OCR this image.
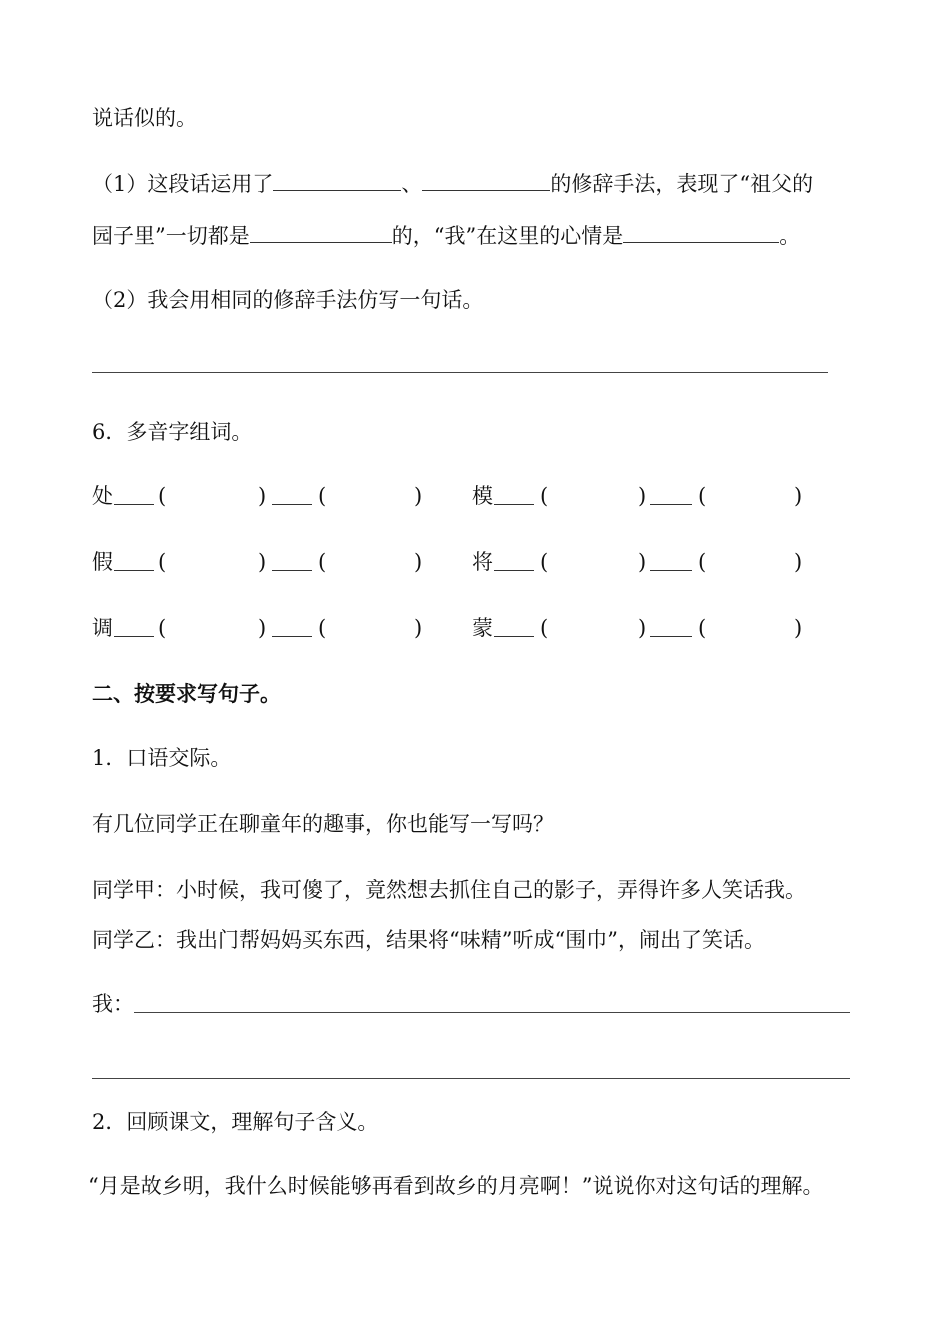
说话似的。
（1）这段话运用了	、	的修辞手法，表现了“祖父的
园子里”一切都是	的，“我”在这里的心情是	。
（2）我会用相同的修辞手法仿写一句话。
6．多音字组词。
处 (	) (	) 模 (	) (	)
假 (	) (	) 将 (	) (	)
调 (	) (	) 蒙 (	) (	)
二、按要求写句子。
1．口语交际。
有几位同学正在聊童年的趣事，你也能写一写吗？
同学甲：小时候，我可傻了，竟然想去抓住自己的影子，弄得许多人笑话我。
同学乙：我出门帮妈妈买东西，结果将“味精”听成“围巾”，闹出了笑话。
我：
2．回顾课文，理解句子含义。
“月是故乡明，我什么时候能够再看到故乡的月亮啊！”说说你对这句话的理解。
